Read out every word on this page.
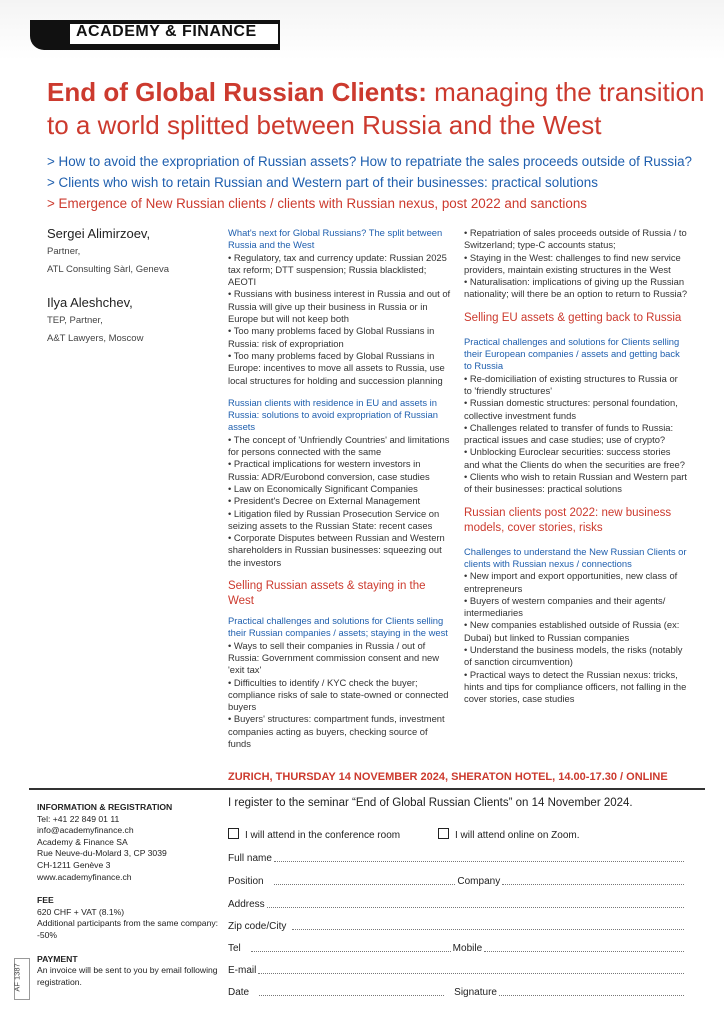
ACADEMY & FINANCE
End of Global Russian Clients: managing the transition
to a world splitted between Russia and the West
> How to avoid the expropriation of Russian assets? How to repatriate the sales proceeds outside of Russia?
> Clients who wish to retain Russian and Western part of their businesses: practical solutions
> Emergence of New Russian clients / clients with Russian nexus, post 2022 and sanctions
Sergei Alimirzoev,
Partner,
ATL Consulting Sàrl, Geneva
Ilya Aleshchev,
TEP, Partner,
A&T Lawyers, Moscow

What's next for Global Russians? The split between Russia and the West

• Regulatory, tax and currency update: Russian 2025 tax reform; DTT suspension; Russia blacklisted; AEOTI

• Russians with business interest in Russia and out of Russia will give up their business in Russia or in Europe but will not keep both

• Too many problems faced by Global Russians in Russia: risk of expropriation

• Too many problems faced by Global Russians in Europe: incentives to move all assets to Russia, use local structures for holding and succession planning

Russian clients with residence in EU and assets in Russia: solutions to avoid expropriation of Russian assets

• The concept of 'Unfriendly Countries' and limitations for persons connected with the same

• Practical implications for western investors in Russia: ADR/Eurobond conversion, case studies

• Law on Economically Significant Companies

• President's Decree on External Management

• Litigation filed by Russian Prosecution Service on seizing assets to the Russian State: recent cases

• Corporate Disputes between Russian and Western shareholders in Russian businesses: squeezing out the investors

Selling Russian assets & staying in the West

Practical challenges and solutions for Clients selling their Russian companies / assets; staying in the west

• Ways to sell their companies in Russia / out of Russia: Government commission consent and new 'exit tax'

• Difficulties to identify / KYC check the buyer; compliance risks of sale to state-owned or connected buyers

• Buyers' structures: compartment funds, investment companies acting as buyers, checking source of funds

• Repatriation of sales proceeds outside of Russia / to Switzerland; type-C accounts status;

• Staying in the West: challenges to find new service providers, maintain existing structures in the West

• Naturalisation: implications of giving up the Russian nationality; will there be an option to return to Russia?

Selling EU assets & getting back to Russia

Practical challenges and solutions for Clients selling their European companies / assets and getting back to Russia

• Re-domiciliation of existing structures to Russia or to 'friendly structures'

• Russian domestic structures: personal foundation, collective investment funds

• Challenges related to transfer of funds to Russia: practical issues and case studies; use of crypto?

• Unblocking Euroclear securities: success stories and what the Clients do when the securities are free?

• Clients who wish to retain Russian and Western part of their businesses: practical solutions

Russian clients post 2022: new business models, cover stories, risks

Challenges to understand the New Russian Clients or clients with Russian nexus / connections

• New import and export opportunities, new class of entrepreneurs

• Buyers of western companies and their agents/ intermediaries

• New companies established outside of Russia (ex: Dubai) but linked to Russian companies

• Understand the business models, the risks (notably of sanction circumvention)

• Practical ways to detect the Russian nexus: tricks, hints and tips for compliance officers, not falling in the cover stories, case studies

ZURICH, THURSDAY 14 NOVEMBER 2024, SHERATON HOTEL, 14.00-17.30 / ONLINE
INFORMATION & REGISTRATION
Tel: +41 22 849 01 11
info@academyfinance.ch
Academy & Finance SA
Rue Neuve-du-Molard 3, CP 3039
CH-1211 Genève 3
www.academyfinance.ch
FEE
620 CHF + VAT (8.1%)
Additional participants from the same company: -50%
PAYMENT
An invoice will be sent to you by email following registration.
AF 1387
I register to the seminar “End of Global Russian Clients” on 14 November 2024.
I will attend in the conference room	I will attend online on Zoom.
Full name
Position	Company
Address
Zip code/City
Tel	Mobile
E-mail
Date	Signature
